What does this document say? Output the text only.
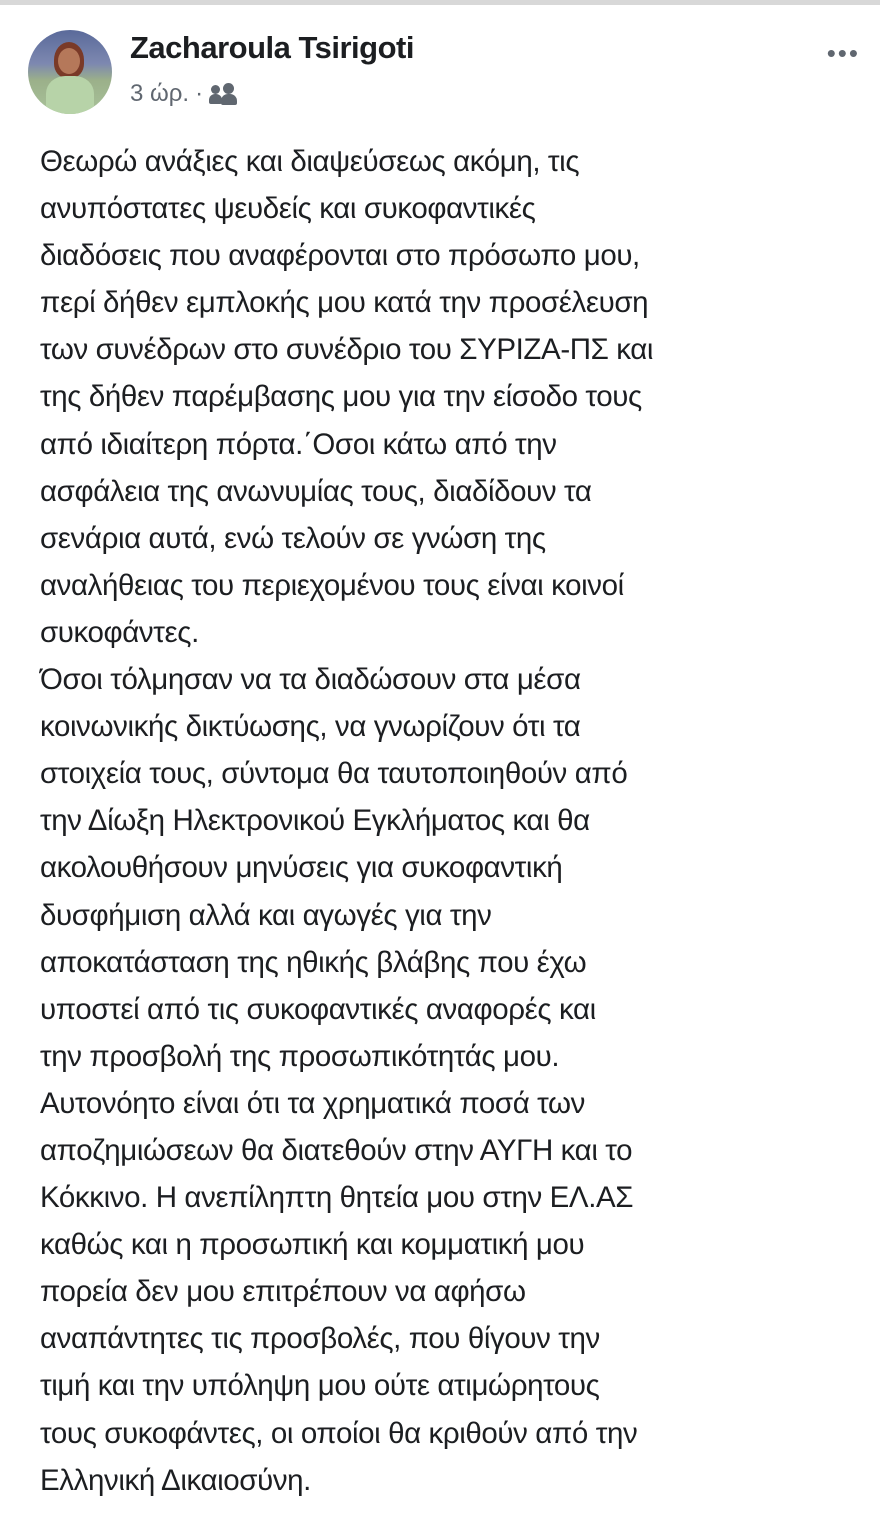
Zacharoula Tsirigoti
3 ώρ. ·
•••
Θεωρώ ανάξιες και διαψεύσεως ακόμη, τις
ανυπόστατες ψευδείς και συκοφαντικές
διαδόσεις που αναφέρονται στο πρόσωπο μου,
περί δήθεν εμπλοκής μου κατά την προσέλευση
των συνέδρων στο συνέδριο του ΣΥΡΙΖΑ-ΠΣ και
της δήθεν παρέμβασης μου για την είσοδο τους
από ιδιαίτερη πόρτα.΄Οσοι κάτω από την
ασφάλεια της ανωνυμίας τους, διαδίδουν τα
σενάρια αυτά, ενώ τελούν σε γνώση της
αναλήθειας του περιεχομένου τους είναι κοινοί
συκοφάντες.
Όσοι τόλμησαν να τα διαδώσουν στα μέσα
κοινωνικής δικτύωσης, να γνωρίζουν ότι τα
στοιχεία τους, σύντομα θα ταυτοποιηθούν από
την Δίωξη Ηλεκτρονικού Εγκλήματος και θα
ακολουθήσουν μηνύσεις για συκοφαντική
δυσφήμιση αλλά και αγωγές για την
αποκατάσταση της ηθικής βλάβης που έχω
υποστεί από τις συκοφαντικές αναφορές και
την προσβολή της προσωπικότητάς μου.
Αυτονόητο είναι ότι τα χρηματικά ποσά των
αποζημιώσεων θα διατεθούν στην ΑΥΓΗ και το
Κόκκινο. Η ανεπίληπτη θητεία μου στην ΕΛ.ΑΣ
καθώς και η προσωπική και κομματική μου
πορεία δεν μου επιτρέπουν να αφήσω
αναπάντητες τις προσβολές, που θίγουν την
τιμή και την υπόληψη μου ούτε ατιμώρητους
τους συκοφάντες, οι οποίοι θα κριθούν από την
Ελληνική Δικαιοσύνη.
